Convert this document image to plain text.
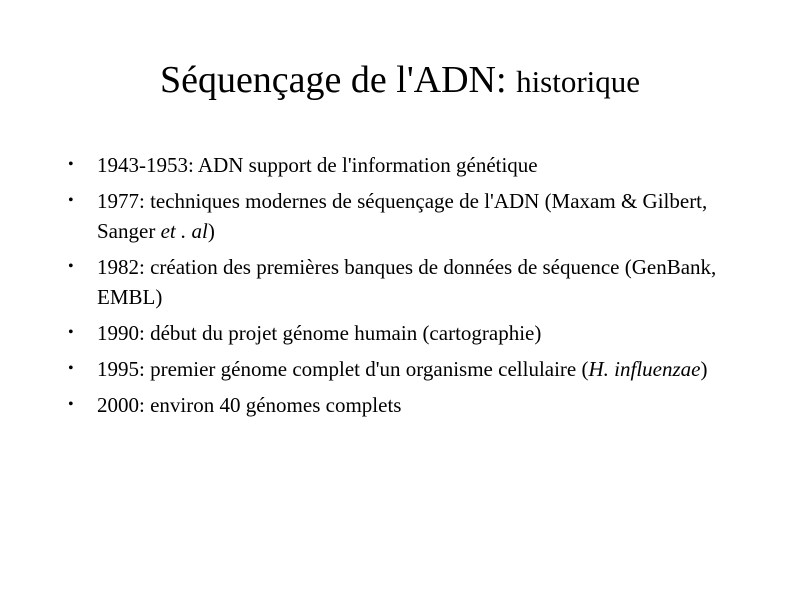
Séquençage de l'ADN: historique
• 1943-1953: ADN support de l'information génétique
• 1977: techniques modernes de séquençage de l'ADN (Maxam & Gilbert, Sanger et . al)
• 1982: création des premières banques de données de séquence (GenBank, EMBL)
• 1990: début du projet génome humain (cartographie)
• 1995: premier génome complet d'un organisme cellulaire (H. influenzae)
• 2000: environ 40 génomes complets
